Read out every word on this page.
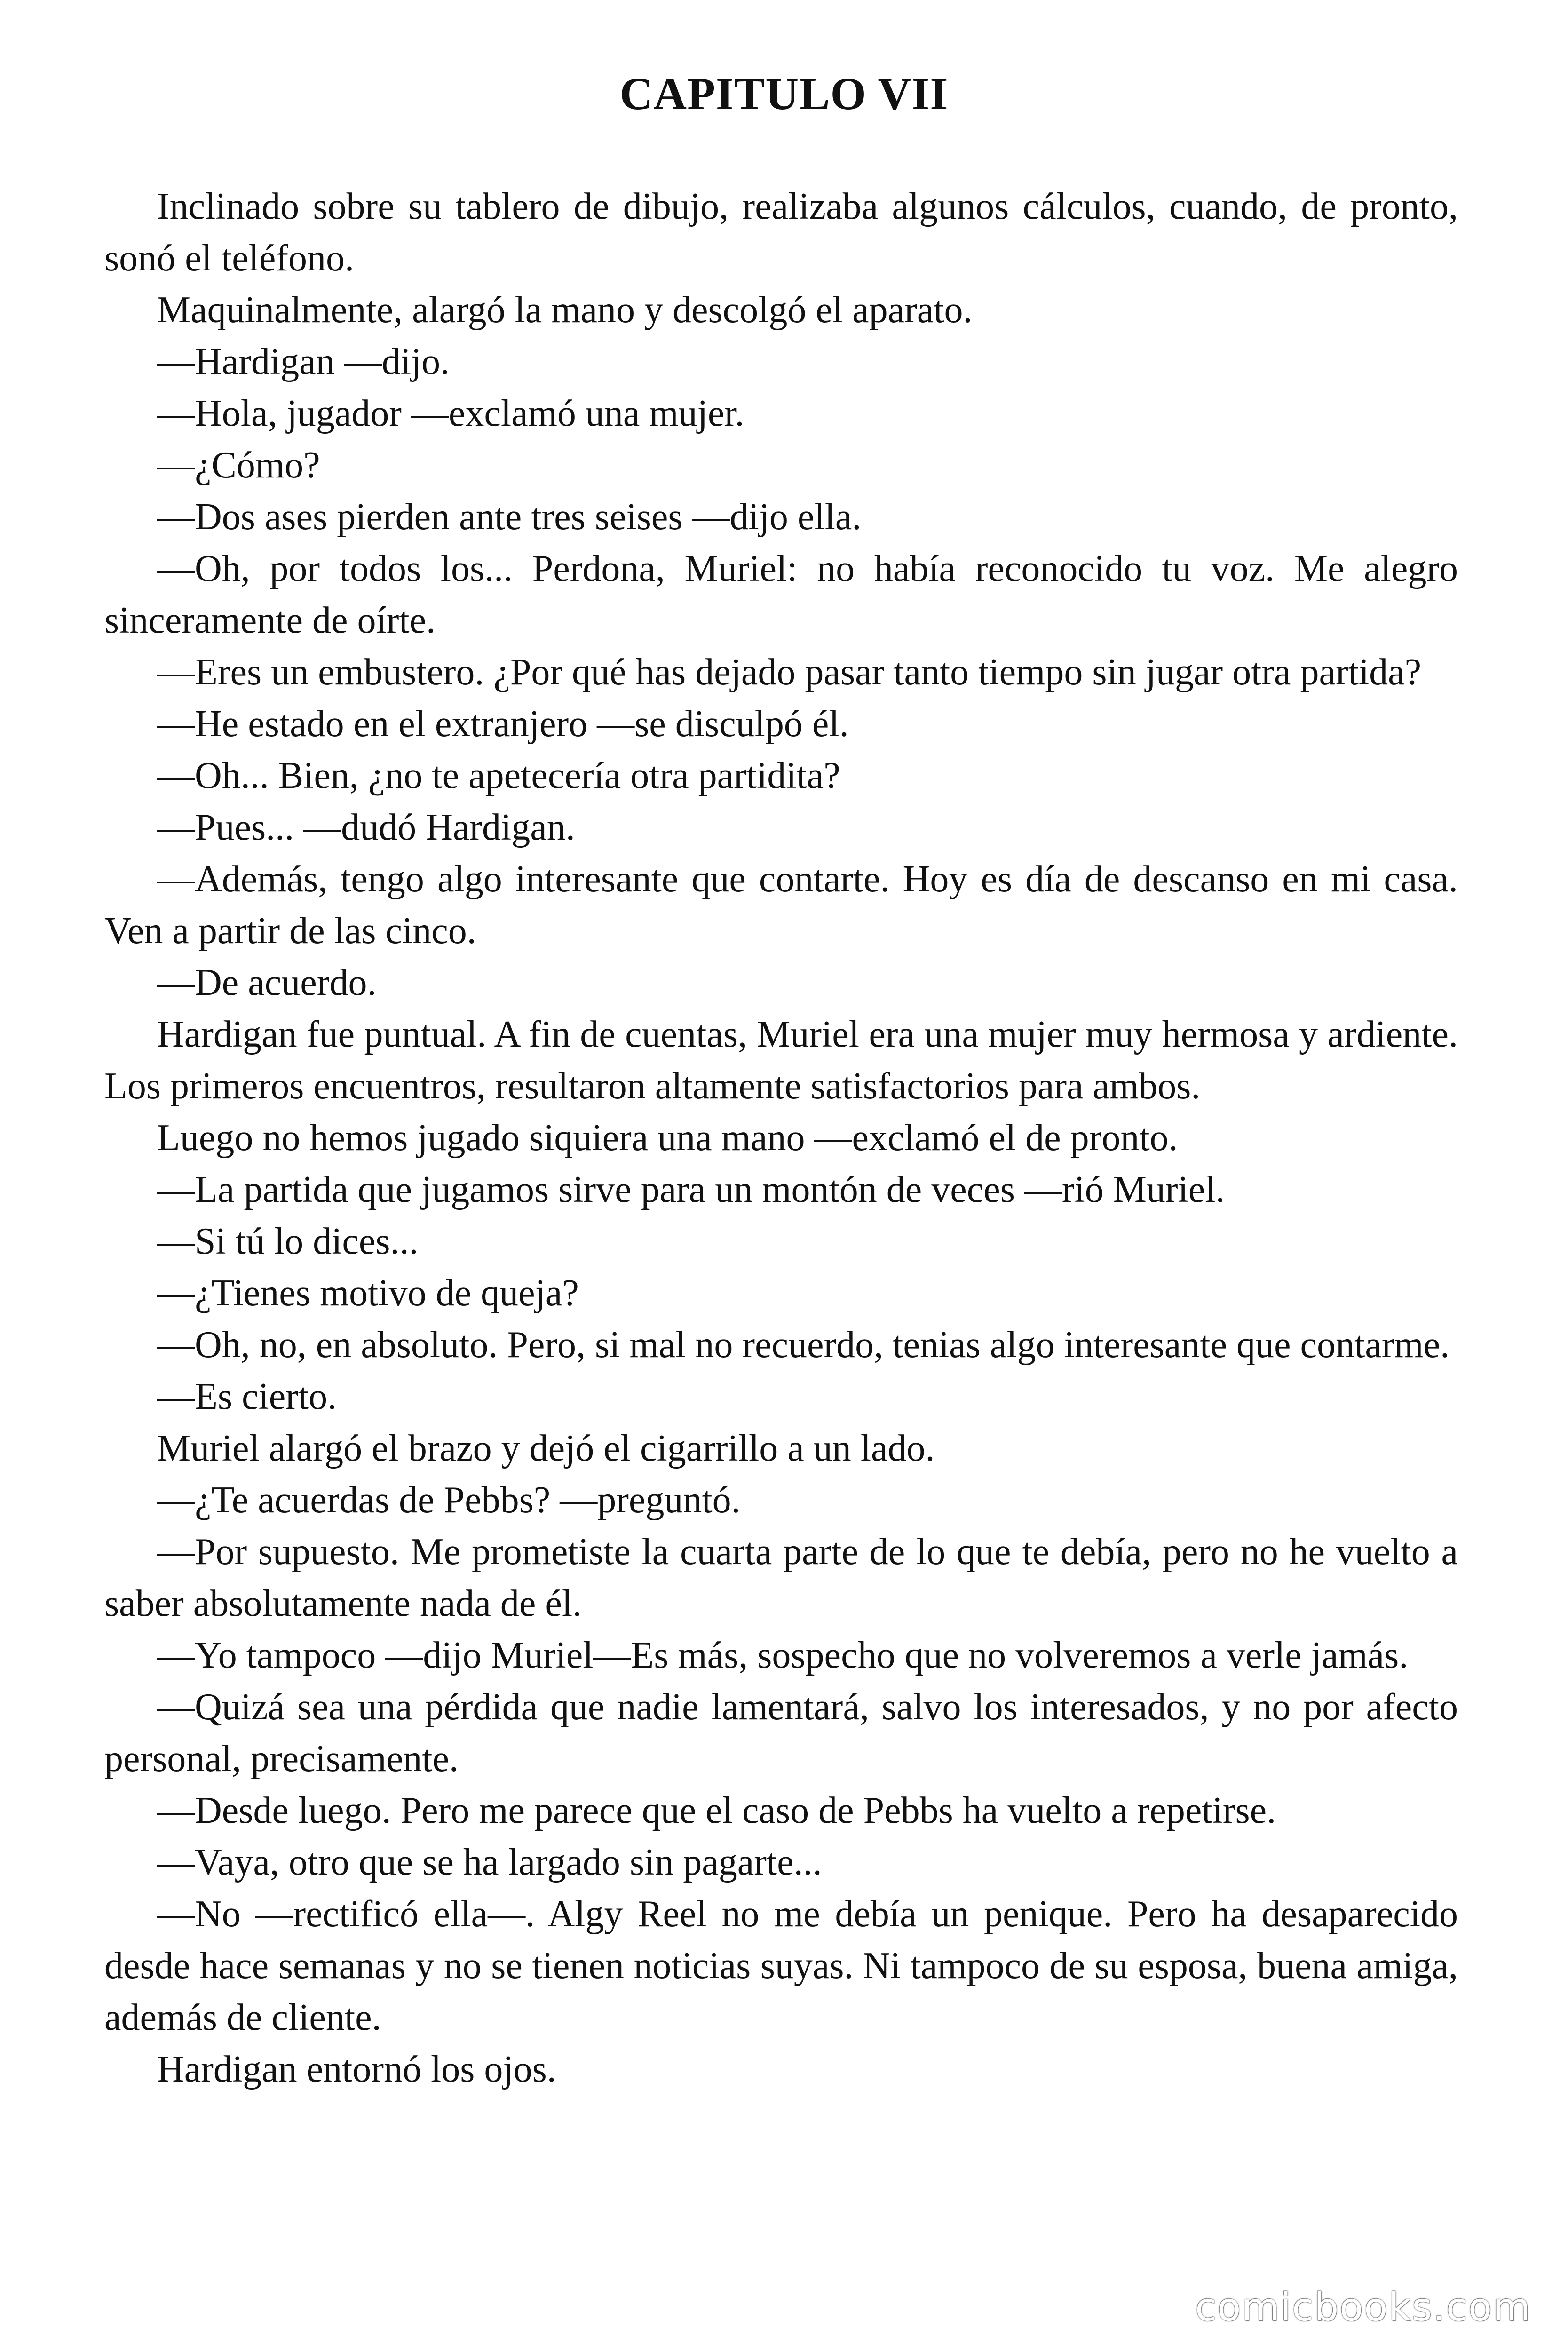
CAPITULO VII

Inclinado sobre su tablero de dibujo, realizaba algunos cálculos, cuando, de pronto, sonó el teléfono.

Maquinalmente, alargó la mano y descolgó el aparato.

—Hardigan —dijo.

—Hola, jugador —exclamó una mujer.

—¿Cómo?

—Dos ases pierden ante tres seises —dijo ella.

—Oh, por todos los... Perdona, Muriel: no había reconocido tu voz. Me alegro sinceramente de oírte.

—Eres un embustero. ¿Por qué has dejado pasar tanto tiempo sin jugar otra partida?

—He estado en el extranjero —se disculpó él.

—Oh... Bien, ¿no te apetecería otra partidita?

—Pues... —dudó Hardigan.

—Además, tengo algo interesante que contarte. Hoy es día de descanso en mi casa. Ven a partir de las cinco.

—De acuerdo.

Hardigan fue puntual. A fin de cuentas, Muriel era una mujer muy hermosa y ardiente. Los primeros encuentros, resultaron altamente satisfactorios para ambos.

Luego no hemos jugado siquiera una mano —exclamó el de pronto.

—La partida que jugamos sirve para un montón de veces —rió Muriel.

—Si tú lo dices...

—¿Tienes motivo de queja?

—Oh, no, en absoluto. Pero, si mal no recuerdo, tenias algo interesante que contarme.

—Es cierto.

Muriel alargó el brazo y dejó el cigarrillo a un lado.

—¿Te acuerdas de Pebbs? —preguntó.

—Por supuesto. Me prometiste la cuarta parte de lo que te debía, pero no he vuelto a saber absolutamente nada de él.

—Yo tampoco —dijo Muriel—Es más, sospecho que no volveremos a verle jamás.

—Quizá sea una pérdida que nadie lamentará, salvo los interesados, y no por afecto personal, precisamente.

—Desde luego. Pero me parece que el caso de Pebbs ha vuelto a repetirse.

—Vaya, otro que se ha largado sin pagarte...

—No —rectificó ella—. Algy Reel no me debía un penique. Pero ha desaparecido desde hace semanas y no se tienen noticias suyas. Ni tampoco de su esposa, buena amiga, además de cliente.

Hardigan entornó los ojos.

comicbooks.com
